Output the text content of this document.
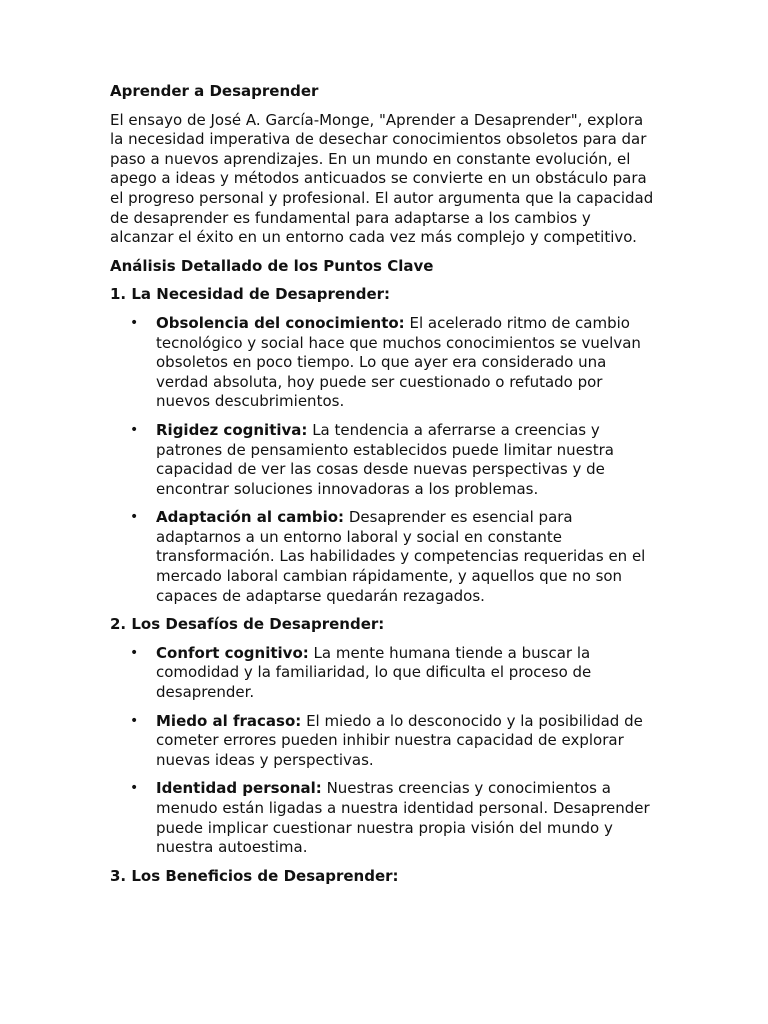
Aprender a Desaprender

El ensayo de José A. García-Monge, "Aprender a Desaprender", explora la necesidad imperativa de desechar conocimientos obsoletos para dar paso a nuevos aprendizajes. En un mundo en constante evolución, el apego a ideas y métodos anticuados se convierte en un obstáculo para el progreso personal y profesional. El autor argumenta que la capacidad de desaprender es fundamental para adaptarse a los cambios y alcanzar el éxito en un entorno cada vez más complejo y competitivo.

Análisis Detallado de los Puntos Clave

1. La Necesidad de Desaprender:

• Obsolencia del conocimiento: El acelerado ritmo de cambio tecnológico y social hace que muchos conocimientos se vuelvan obsoletos en poco tiempo. Lo que ayer era considerado una verdad absoluta, hoy puede ser cuestionado o refutado por nuevos descubrimientos.
• Rigidez cognitiva: La tendencia a aferrarse a creencias y patrones de pensamiento establecidos puede limitar nuestra capacidad de ver las cosas desde nuevas perspectivas y de encontrar soluciones innovadoras a los problemas.
• Adaptación al cambio: Desaprender es esencial para adaptarnos a un entorno laboral y social en constante transformación. Las habilidades y competencias requeridas en el mercado laboral cambian rápidamente, y aquellos que no son capaces de adaptarse quedarán rezagados.

2. Los Desafíos de Desaprender:

• Confort cognitivo: La mente humana tiende a buscar la comodidad y la familiaridad, lo que dificulta el proceso de desaprender.
• Miedo al fracaso: El miedo a lo desconocido y la posibilidad de cometer errores pueden inhibir nuestra capacidad de explorar nuevas ideas y perspectivas.
• Identidad personal: Nuestras creencias y conocimientos a menudo están ligadas a nuestra identidad personal. Desaprender puede implicar cuestionar nuestra propia visión del mundo y nuestra autoestima.

3. Los Beneficios de Desaprender:
